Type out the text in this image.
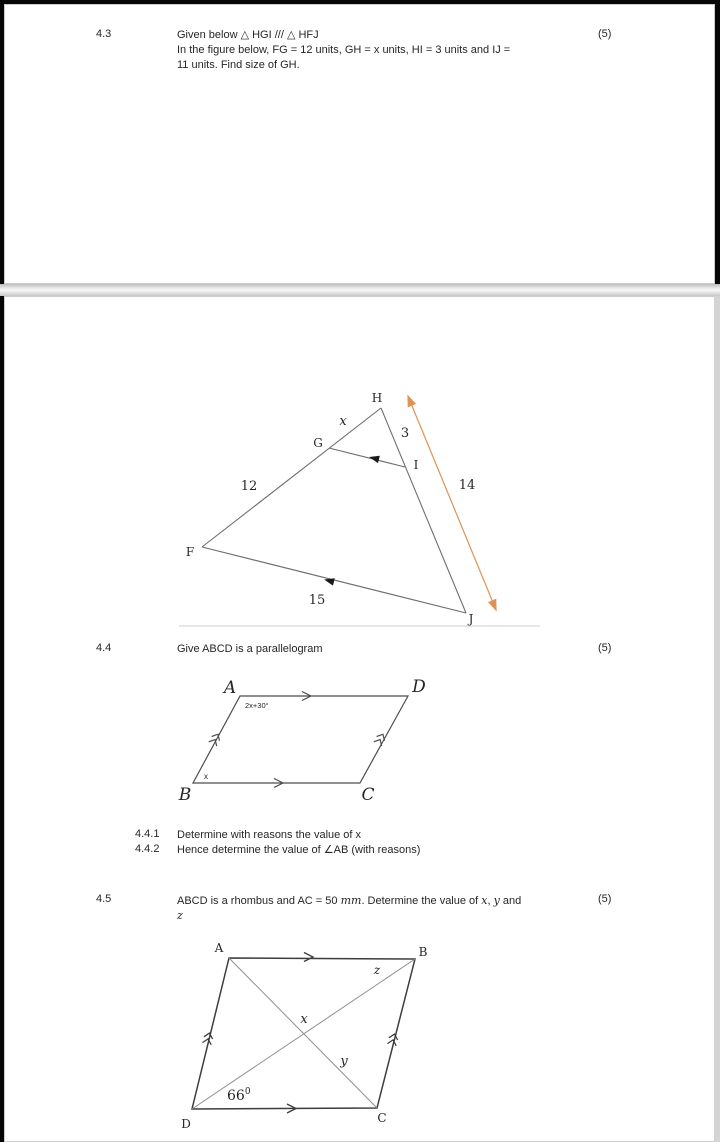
4.3	Given below △ HGI /// △ HFJ
In the figure below, FG = 12 units, GH = x units, HI = 3 units and IJ =
11 units. Find size of GH.
(5)
H
G
I
F
J
x
3
12	14
15
4.4	Give ABCD is a parallelogram	(5)
A	D
B	C
2x+30°
x
4.4.1 Determine with reasons the value of x
4.4.2 Hence determine the value of ∠AB (with reasons)
4.5	ABCD is a rhombus and AC = 50 mm. Determine the value of x, y and
z
(5)
A	B
D	C
z
x
y
$66^0$
